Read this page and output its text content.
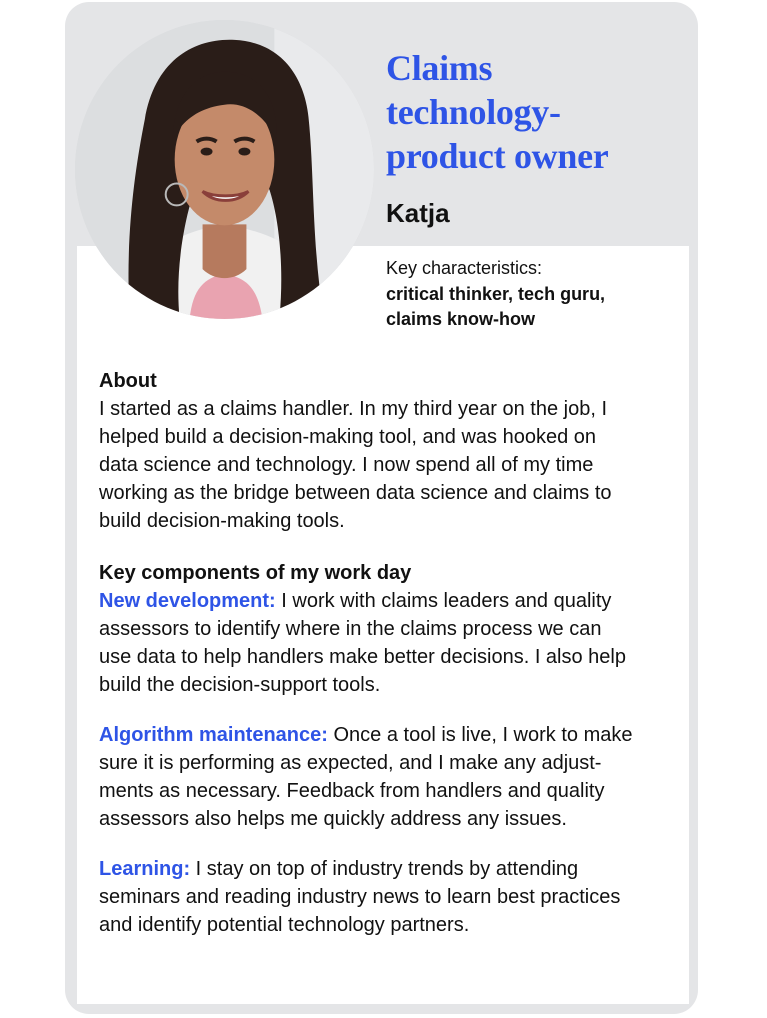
Claims
technology-
product owner
Katja
Key characteristics:
critical thinker, tech guru,
claims know-how
About

I started as a claims handler. In my third year on the job, I
helped build a decision-making tool, and was hooked on
data science and technology. I now spend all of my time
working as the bridge between data science and claims to
build decision-making tools.

Key components of my work day

New development: I work with claims leaders and quality
assessors to identify where in the claims process we can
use data to help handlers make better decisions. I also help
build the decision-support tools.

Algorithm maintenance: Once a tool is live, I work to make
sure it is performing as expected, and I make any adjust-
ments as necessary. Feedback from handlers and quality
assessors also helps me quickly address any issues.

Learning: I stay on top of industry trends by attending
seminars and reading industry news to learn best practices
and identify potential technology partners.
